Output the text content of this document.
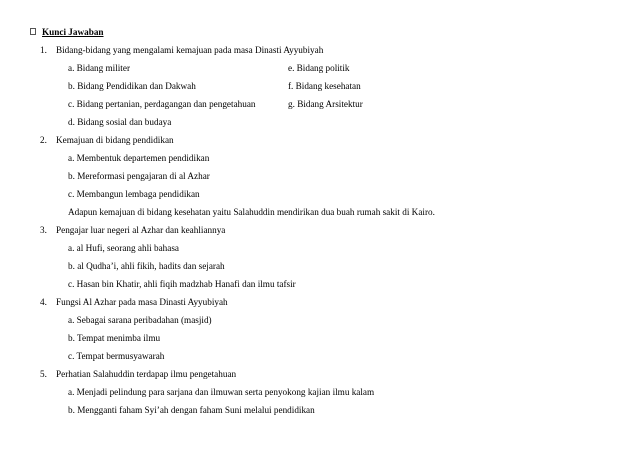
Kunci Jawaban
1. Bidang-bidang yang mengalami kemajuan pada masa Dinasti Ayyubiyah
a. Bidang militer	e. Bidang politik
b. Bidang Pendidikan dan Dakwah	f. Bidang kesehatan
c. Bidang pertanian, perdagangan dan pengetahuan	g. Bidang Arsitektur
d. Bidang sosial dan budaya
2. Kemajuan di bidang pendidikan
a. Membentuk departemen pendidikan
b. Mereformasi pengajaran di al Azhar
c. Membangun lembaga pendidikan
Adapun kemajuan di bidang kesehatan yaitu Salahuddin mendirikan dua buah rumah sakit di Kairo.
3. Pengajar luar negeri al Azhar dan keahliannya
a. al Hufi, seorang ahli bahasa
b. al Qudha’i, ahli fikih, hadits dan sejarah
c. Hasan bin Khatir, ahli fiqih madzhab Hanafi dan ilmu tafsir
4. Fungsi Al Azhar pada masa Dinasti Ayyubiyah
a. Sebagai sarana peribadahan (masjid)
b. Tempat menimba ilmu
c. Tempat bermusyawarah
5. Perhatian Salahuddin terdapap ilmu pengetahuan
a. Menjadi pelindung para sarjana dan ilmuwan serta penyokong kajian ilmu kalam
b. Mengganti faham Syi’ah dengan faham Suni melalui pendidikan
